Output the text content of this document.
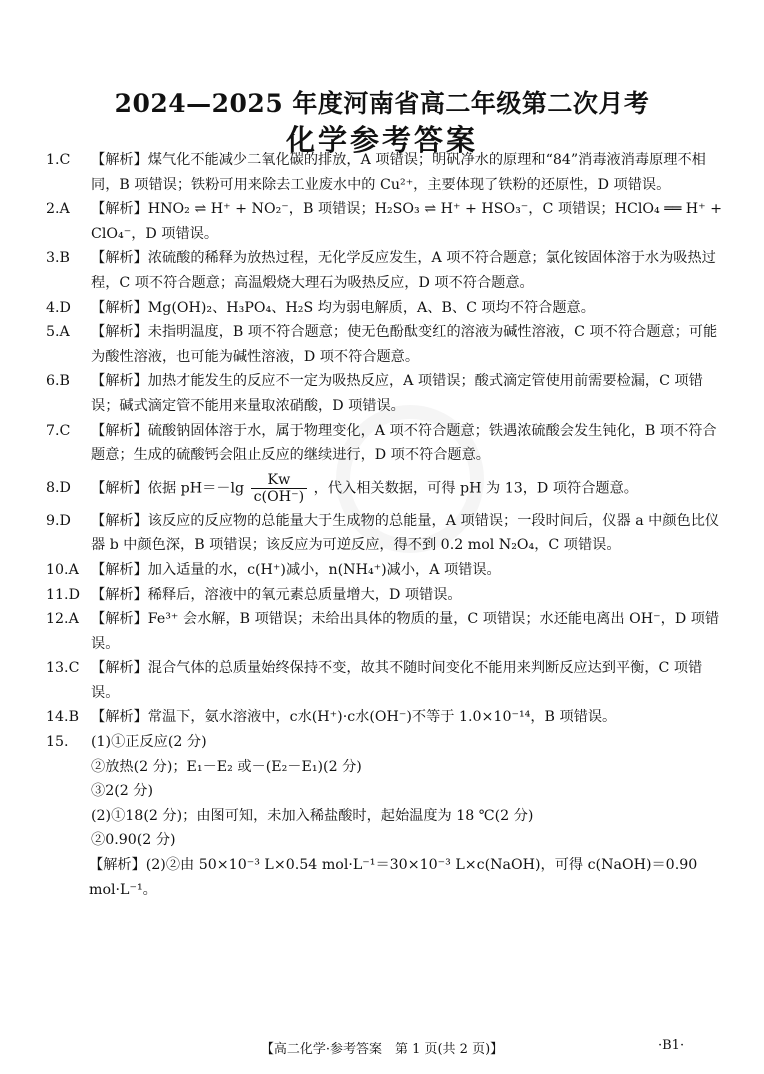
2024—2025 年度河南省高二年级第二次月考
化学参考答案
1.C 【解析】煤气化不能减少二氧化碳的排放，A 项错误；明矾净水的原理和“84”消毒液消毒原理不相同，B 项错误；铁粉可用来除去工业废水中的 Cu²⁺，主要体现了铁粉的还原性，D 项错误。
2.A 【解析】HNO₂ ⇌ H⁺ + NO₂⁻，B 项错误；H₂SO₃ ⇌ H⁺ + HSO₃⁻，C 项错误；HClO₄ ══ H⁺ + ClO₄⁻，D 项错误。
3.B 【解析】浓硫酸的稀释为放热过程，无化学反应发生，A 项不符合题意；氯化铵固体溶于水为吸热过程，C 项不符合题意；高温煅烧大理石为吸热反应，D 项不符合题意。
4.D 【解析】Mg(OH)₂、H₃PO₄、H₂S 均为弱电解质，A、B、C 项均不符合题意。
5.A 【解析】未指明温度，B 项不符合题意；使无色酚酞变红的溶液为碱性溶液，C 项不符合题意；可能为酸性溶液，也可能为碱性溶液，D 项不符合题意。
6.B 【解析】加热才能发生的反应不一定为吸热反应，A 项错误；酸式滴定管使用前需要检漏，C 项错误；碱式滴定管不能用来量取浓硝酸，D 项错误。
7.C 【解析】硫酸钠固体溶于水，属于物理变化，A 项不符合题意；铁遇浓硫酸会发生钝化，B 项不符合题意；生成的硫酸钙会阻止反应的继续进行，D 项不符合题意。
8.D 【解析】依据 $pH=-\lg \frac{Kw}{c(OH^-)}$ ，代入相关数据，可得 pH 为 13，D 项符合题意。
9.D 【解析】该反应的反应物的总能量大于生成物的总能量，A 项错误；一段时间后，仪器 a 中颜色比仪器 b 中颜色深，B 项错误；该反应为可逆反应，得不到 0.2 mol N₂O₄，C 项错误。
10.A 【解析】加入适量的水，c(H⁺)减小，n(NH₄⁺)减小，A 项错误。
11.D 【解析】稀释后，溶液中的氧元素总质量增大，D 项错误。
12.A 【解析】Fe³⁺ 会水解，B 项错误；未给出具体的物质的量，C 项错误；水还能电离出 OH⁻，D 项错误。
13.C 【解析】混合气体的总质量始终保持不变，故其不随时间变化不能用来判断反应达到平衡，C 项错误。
14.B 【解析】常温下，氨水溶液中，c水(H⁺)·c水(OH⁻)不等于 1.0×10⁻¹⁴，B 项错误。
15. (1)①正反应(2 分)
②放热(2 分)；E₁－E₂ 或－(E₂－E₁)(2 分)
③2(2 分)
(2)①18(2 分)；由图可知，未加入稀盐酸时，起始温度为 18 ℃(2 分)
②0.90(2 分)
【解析】(2)②由 50×10⁻³ L×0.54 mol·L⁻¹＝30×10⁻³ L×c(NaOH)，可得 c(NaOH)＝0.90 mol·L⁻¹。
【高二化学·参考答案　第 1 页(共 2 页)】	·B1·
